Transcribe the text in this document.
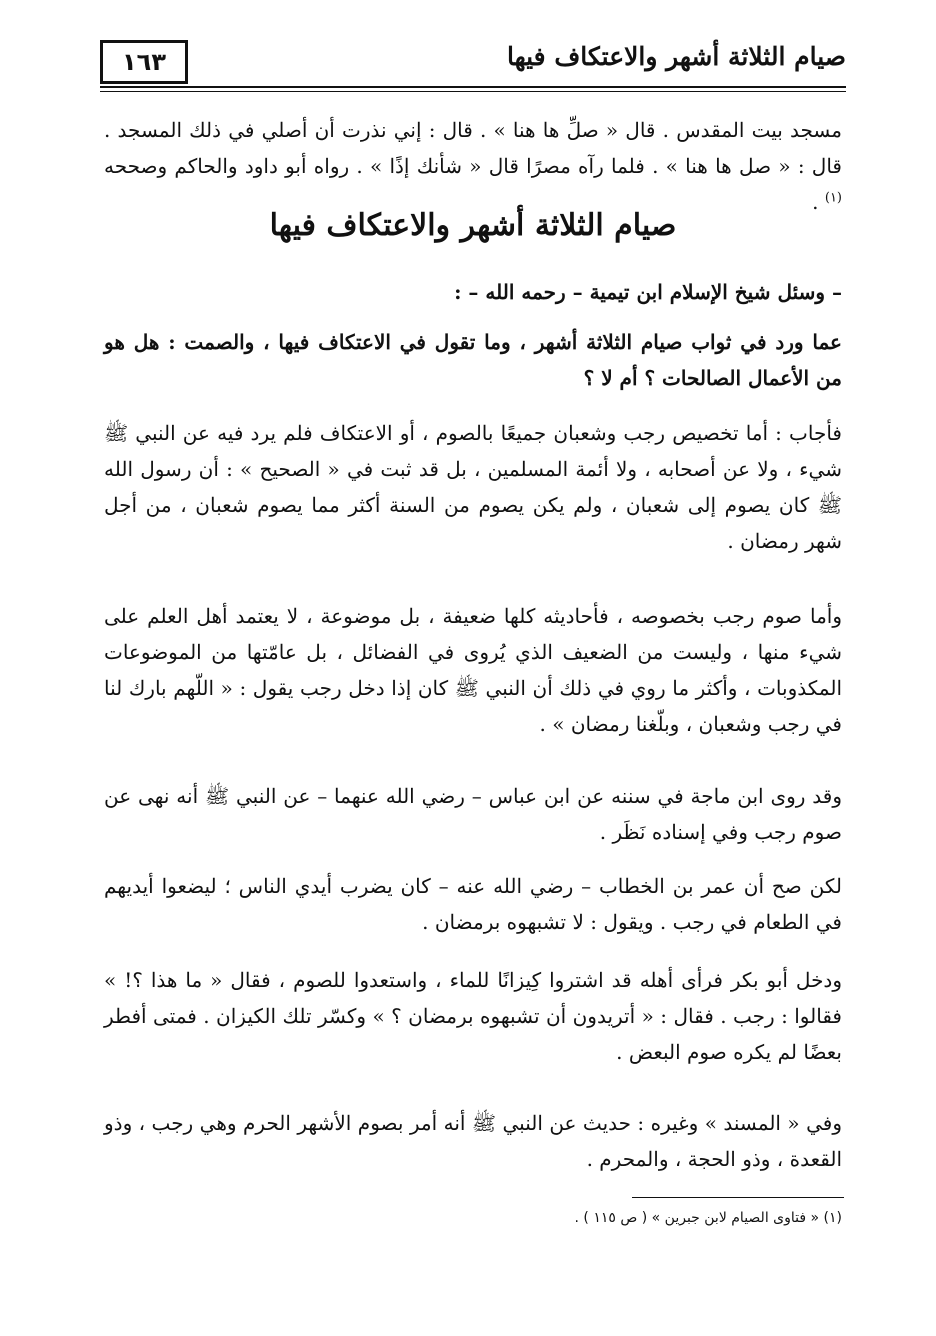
١٦٣	صيام الثلاثة أشهر والاعتكاف فيها

مسجد بيت المقدس . قال « صلِّ ها هنا » . قال : إني نذرت أن أصلي في ذلك المسجد . قال : « صل ها هنا » . فلما رآه مصرًا قال « شأنك إذًا » . رواه أبو داود والحاكم وصححه $^{(١)}$ .

صيام الثلاثة أشهر والاعتكاف فيها

– وسئل شيخ الإسلام ابن تيمية – رحمه الله – :

عما ورد في ثواب صيام الثلاثة أشهر ، وما تقول في الاعتكاف فيها ، والصمت : هل هو من الأعمال الصالحات ؟ أم لا ؟

فأجاب : أما تخصيص رجب وشعبان جميعًا بالصوم ، أو الاعتكاف فلم يرد فيه عن النبي ﷺ شيء ، ولا عن أصحابه ، ولا أئمة المسلمين ، بل قد ثبت في « الصحيح » : أن رسول الله ﷺ كان يصوم إلى شعبان ، ولم يكن يصوم من السنة أكثر مما يصوم شعبان ، من أجل شهر رمضان .

وأما صوم رجب بخصوصه ، فأحاديثه كلها ضعيفة ، بل موضوعة ، لا يعتمد أهل العلم على شيء منها ، وليست من الضعيف الذي يُروى في الفضائل ، بل عامّتها من الموضوعات المكذوبات ، وأكثر ما روي في ذلك أن النبي ﷺ كان إذا دخل رجب يقول : « اللّهم بارك لنا في رجب وشعبان ، وبلّغنا رمضان » .

وقد روى ابن ماجة في سننه عن ابن عباس – رضي الله عنهما – عن النبي ﷺ أنه نهى عن صوم رجب وفي إسناده نَظَر .

لكن صح أن عمر بن الخطاب – رضي الله عنه – كان يضرب أيدي الناس ؛ ليضعوا أيديهم في الطعام في رجب . ويقول : لا تشبهوه برمضان .

ودخل أبو بكر فرأى أهله قد اشتروا كِيزانًا للماء ، واستعدوا للصوم ، فقال « ما هذا ؟! » فقالوا : رجب . فقال : « أتريدون أن تشبهوه برمضان ؟ » وكسّر تلك الكيزان . فمتى أفطر بعضًا لم يكره صوم البعض .

وفي « المسند » وغيره : حديث عن النبي ﷺ أنه أمر بصوم الأشهر الحرم وهي رجب ، وذو القعدة ، وذو الحجة ، والمحرم .

(١) « فتاوى الصيام لابن جبرين » ( ص ١١٥ ) .
